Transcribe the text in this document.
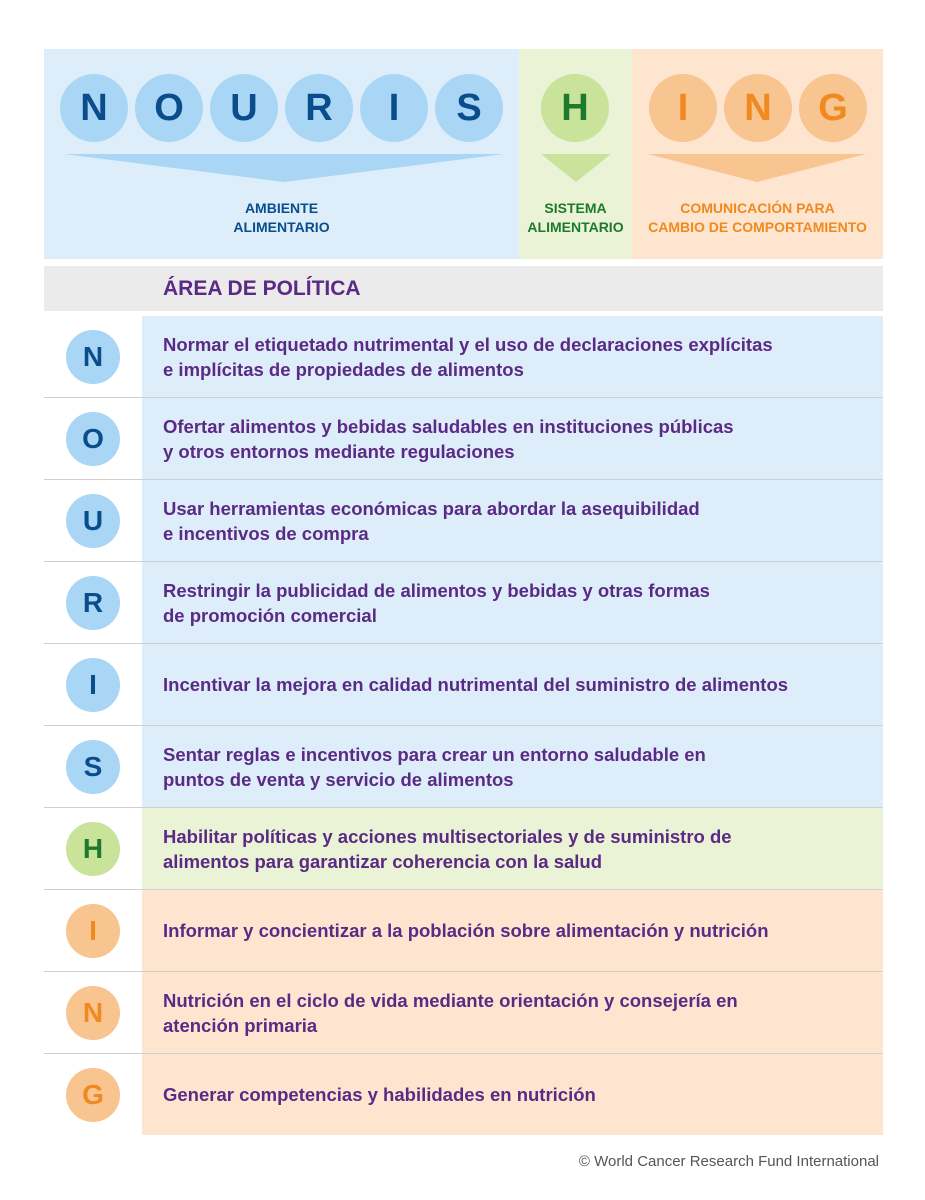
N	O	U	R	I	S
AMBIENTE
ALIMENTARIO
H
SISTEMA
ALIMENTARIO
I	N	G
COMUNICACIÓN PARA
CAMBIO DE COMPORTAMIENTO
ÁREA DE POLÍTICA
N	Normar el etiquetado nutrimental y el uso de declaraciones explícitas
e implícitas de propiedades de alimentos
O	Ofertar alimentos y bebidas saludables en instituciones públicas
y otros entornos mediante regulaciones
U	Usar herramientas económicas para abordar la asequibilidad
e incentivos de compra
R	Restringir la publicidad de alimentos y bebidas y otras formas
de promoción comercial
I	Incentivar la mejora en calidad nutrimental del suministro de alimentos
S	Sentar reglas e incentivos para crear un entorno saludable en
puntos de venta y servicio de alimentos
H	Habilitar políticas y acciones multisectoriales y de suministro de
alimentos para garantizar coherencia con la salud
I	Informar y concientizar a la población sobre alimentación y nutrición
N	Nutrición en el ciclo de vida mediante orientación y consejería en
atención primaria
G	Generar competencias y habilidades en nutrición
© World Cancer Research Fund International
